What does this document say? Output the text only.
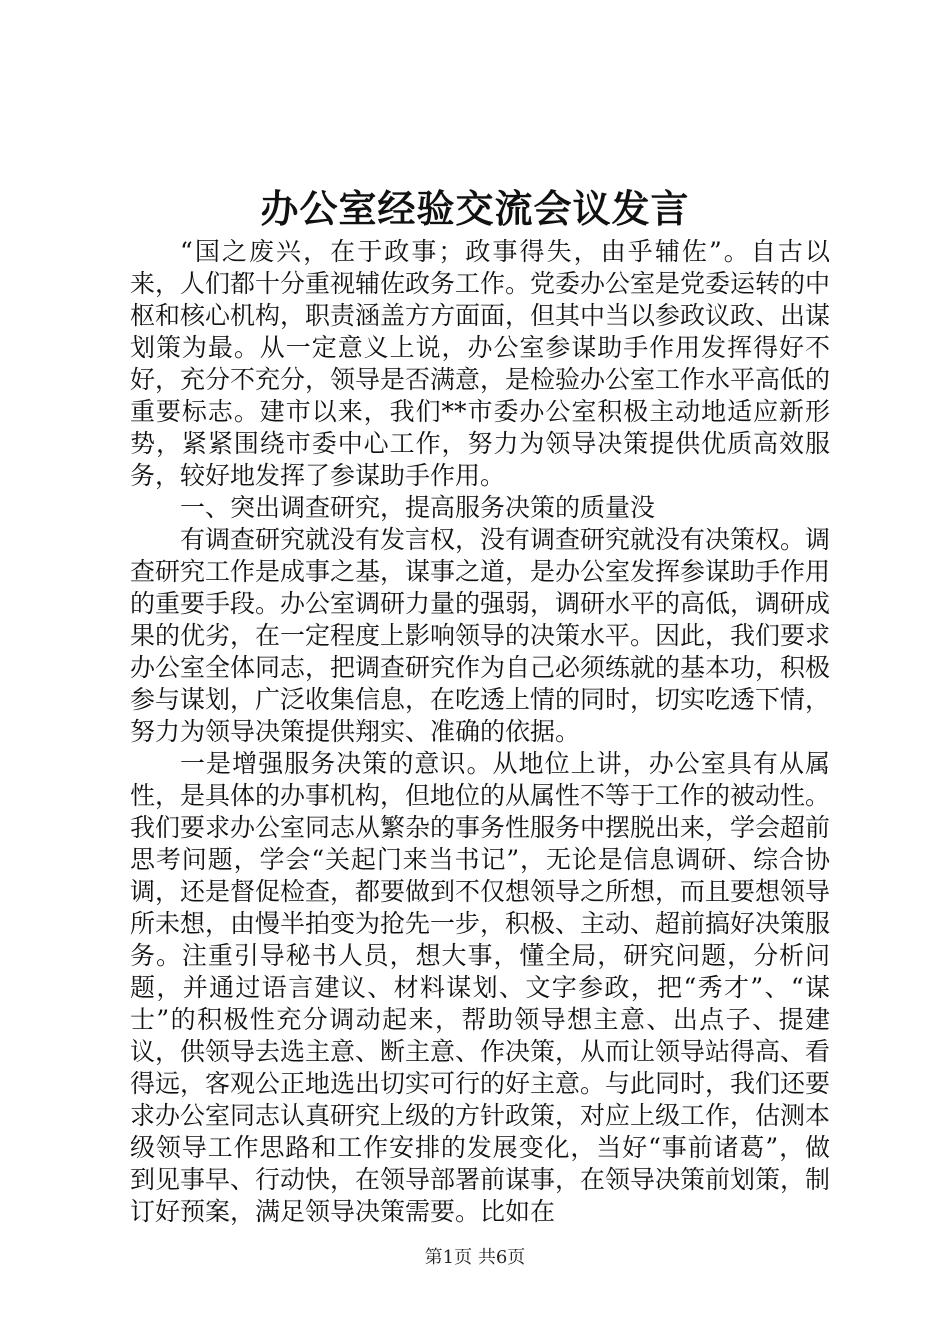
办公室经验交流会议发言

“国之废兴，在于政事；政事得失，由乎辅佐”。自古以来，人们都十分重视辅佐政务工作。党委办公室是党委运转的中枢和核心机构，职责涵盖方方面面，但其中当以参政议政、出谋划策为最。从一定意义上说，办公室参谋助手作用发挥得好不好，充分不充分，领导是否满意，是检验办公室工作水平高低的重要标志。建市以来，我们**市委办公室积极主动地适应新形势，紧紧围绕市委中心工作，努力为领导决策提供优质高效服务，较好地发挥了参谋助手作用。

一、突出调查研究，提高服务决策的质量没

有调查研究就没有发言权，没有调查研究就没有决策权。调查研究工作是成事之基，谋事之道，是办公室发挥参谋助手作用的重要手段。办公室调研力量的强弱，调研水平的高低，调研成果的优劣，在一定程度上影响领导的决策水平。因此，我们要求办公室全体同志，把调查研究作为自己必须练就的基本功，积极参与谋划，广泛收集信息，在吃透上情的同时，切实吃透下情，努力为领导决策提供翔实、准确的依据。

一是增强服务决策的意识。从地位上讲，办公室具有从属性，是具体的办事机构，但地位的从属性不等于工作的被动性。我们要求办公室同志从繁杂的事务性服务中摆脱出来，学会超前思考问题，学会“关起门来当书记”，无论是信息调研、综合协调，还是督促检查，都要做到不仅想领导之所想，而且要想领导所未想，由慢半拍变为抢先一步，积极、主动、超前搞好决策服务。注重引导秘书人员，想大事，懂全局，研究问题，分析问题，并通过语言建议、材料谋划、文字参政，把“秀才”、“谋士”的积极性充分调动起来，帮助领导想主意、出点子、提建议，供领导去选主意、断主意、作决策，从而让领导站得高、看得远，客观公正地选出切实可行的好主意。与此同时，我们还要求办公室同志认真研究上级的方针政策，对应上级工作，估测本级领导工作思路和工作安排的发展变化，当好“事前诸葛”，做到见事早、行动快，在领导部署前谋事，在领导决策前划策，制订好预案，满足领导决策需要。比如在

第1页 共6页
